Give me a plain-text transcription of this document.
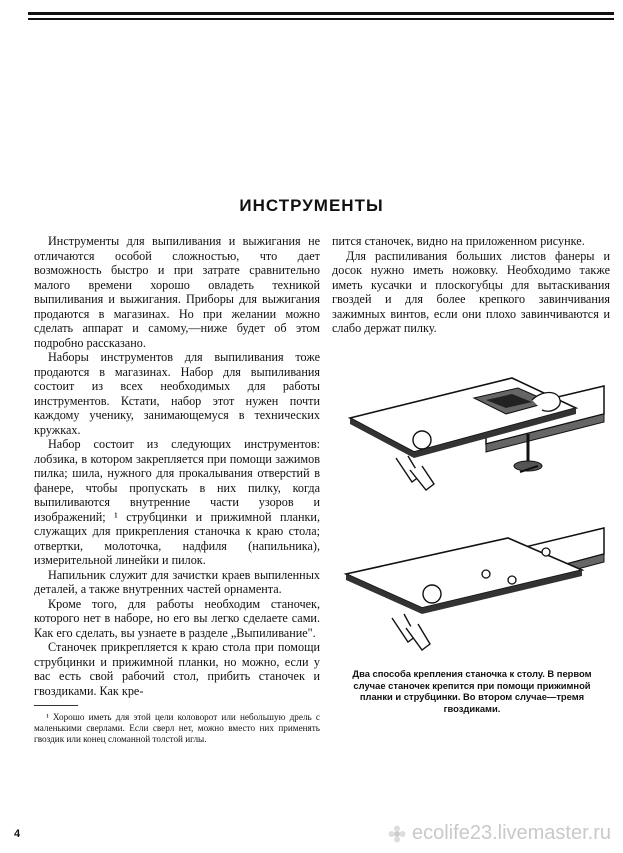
ИНСТРУМЕНТЫ

Инструменты для выпиливания и выжигания не отличаются особой сложностью, что дает возможность быстро и при затрате сравнительно малого времени хорошо овладеть техникой выпиливания и выжигания. Приборы для выжигания продаются в магазинах. Но при желании можно сделать аппарат и самому,—ниже будет об этом подробно рассказано.

Наборы инструментов для выпиливания тоже продаются в магазинах. Набор для выпиливания состоит из всех необходимых для работы инструментов. Кстати, набор этот нужен почти каждому ученику, занимающемуся в технических кружках.

Набор состоит из следующих инструментов: лобзика, в котором закрепляется при помощи зажимов пилка; шила, нужного для прокалывания отверстий в фанере, чтобы пропускать в них пилку, когда выпиливаются внутренние части узоров и изображений; ¹ струбцинки и прижимной планки, служащих для прикрепления станочка к краю стола; отвертки, молоточка, надфиля (напильника), измерительной линейки и пилок.

Напильник служит для зачистки краев выпиленных деталей, а также внутренних частей орнамента.

Кроме того, для работы необходим станочек, которого нет в наборе, но его вы легко сделаете сами. Как его сделать, вы узнаете в разделе „Выпиливание".

Станочек прикрепляется к краю стола при помощи струбцинки и прижимной планки, но можно, если у вас есть свой рабочий стол, прибить станочек и гвоздиками. Как кре-

пится станочек, видно на приложенном рисунке.

Для распиливания больших листов фанеры и досок нужно иметь ножовку. Необходимо также иметь кусачки и плоскогубцы для вытаскивания гвоздей и для более крепкого завинчивания зажимных винтов, если они плохо завинчиваются и слабо держат пилку.

Два способа крепления станочка к столу. В первом случае станочек крепится при помощи прижимной планки и струбцинки. Во втором случае—тремя гвоздиками.

¹ Хорошо иметь для этой цели коловорот или небольшую дрель с маленькими сверлами. Если сверл нет, можно вместо них применять гвоздик или конец сломанной толстой иглы.

4	ecolife23.livemaster.ru
